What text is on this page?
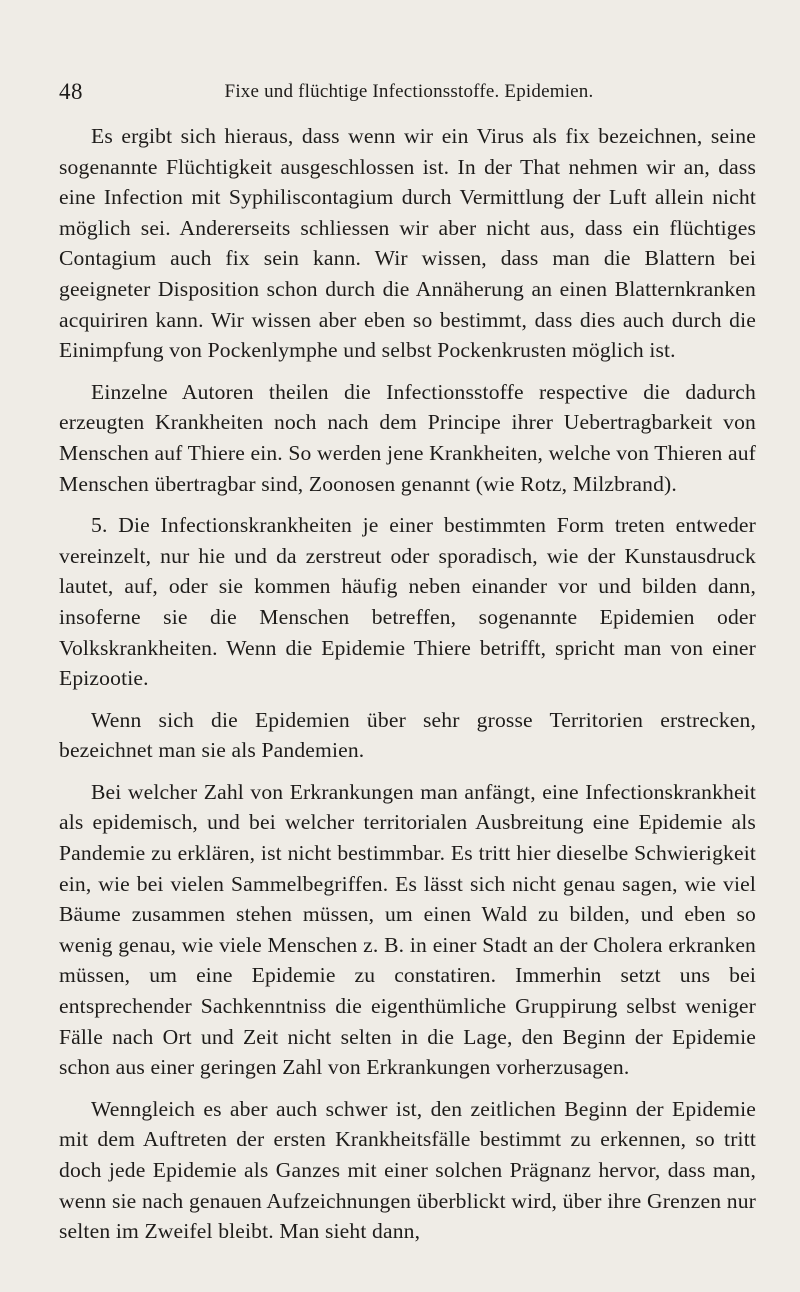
48	Fixe und flüchtige Infectionsstoffe. Epidemien.

Es ergibt sich hieraus, dass wenn wir ein Virus als fix bezeichnen, seine sogenannte Flüchtigkeit ausgeschlossen ist. In der That nehmen wir an, dass eine Infection mit Syphiliscontagium durch Vermittlung der Luft allein nicht möglich sei. Andererseits schliessen wir aber nicht aus, dass ein flüchtiges Contagium auch fix sein kann. Wir wissen, dass man die Blattern bei geeigneter Disposition schon durch die Annäherung an einen Blatternkranken acquiriren kann. Wir wissen aber eben so bestimmt, dass dies auch durch die Einimpfung von Pockenlymphe und selbst Pockenkrusten möglich ist.

Einzelne Autoren theilen die Infectionsstoffe respective die dadurch erzeugten Krankheiten noch nach dem Principe ihrer Uebertragbarkeit von Menschen auf Thiere ein. So werden jene Krankheiten, welche von Thieren auf Menschen übertragbar sind, Zoonosen genannt (wie Rotz, Milzbrand).

5. Die Infectionskrankheiten je einer bestimmten Form treten entweder vereinzelt, nur hie und da zerstreut oder sporadisch, wie der Kunstausdruck lautet, auf, oder sie kommen häufig neben einander vor und bilden dann, insoferne sie die Menschen betreffen, sogenannte Epidemien oder Volkskrankheiten. Wenn die Epidemie Thiere betrifft, spricht man von einer Epizootie.

Wenn sich die Epidemien über sehr grosse Territorien erstrecken, bezeichnet man sie als Pandemien.

Bei welcher Zahl von Erkrankungen man anfängt, eine Infectionskrankheit als epidemisch, und bei welcher territorialen Ausbreitung eine Epidemie als Pandemie zu erklären, ist nicht bestimmbar. Es tritt hier dieselbe Schwierigkeit ein, wie bei vielen Sammelbegriffen. Es lässt sich nicht genau sagen, wie viel Bäume zusammen stehen müssen, um einen Wald zu bilden, und eben so wenig genau, wie viele Menschen z. B. in einer Stadt an der Cholera erkranken müssen, um eine Epidemie zu constatiren. Immerhin setzt uns bei entsprechender Sachkenntniss die eigenthümliche Gruppirung selbst weniger Fälle nach Ort und Zeit nicht selten in die Lage, den Beginn der Epidemie schon aus einer geringen Zahl von Erkrankungen vorherzusagen.

Wenngleich es aber auch schwer ist, den zeitlichen Beginn der Epidemie mit dem Auftreten der ersten Krankheitsfälle bestimmt zu erkennen, so tritt doch jede Epidemie als Ganzes mit einer solchen Prägnanz hervor, dass man, wenn sie nach genauen Aufzeichnungen überblickt wird, über ihre Grenzen nur selten im Zweifel bleibt. Man sieht dann,
